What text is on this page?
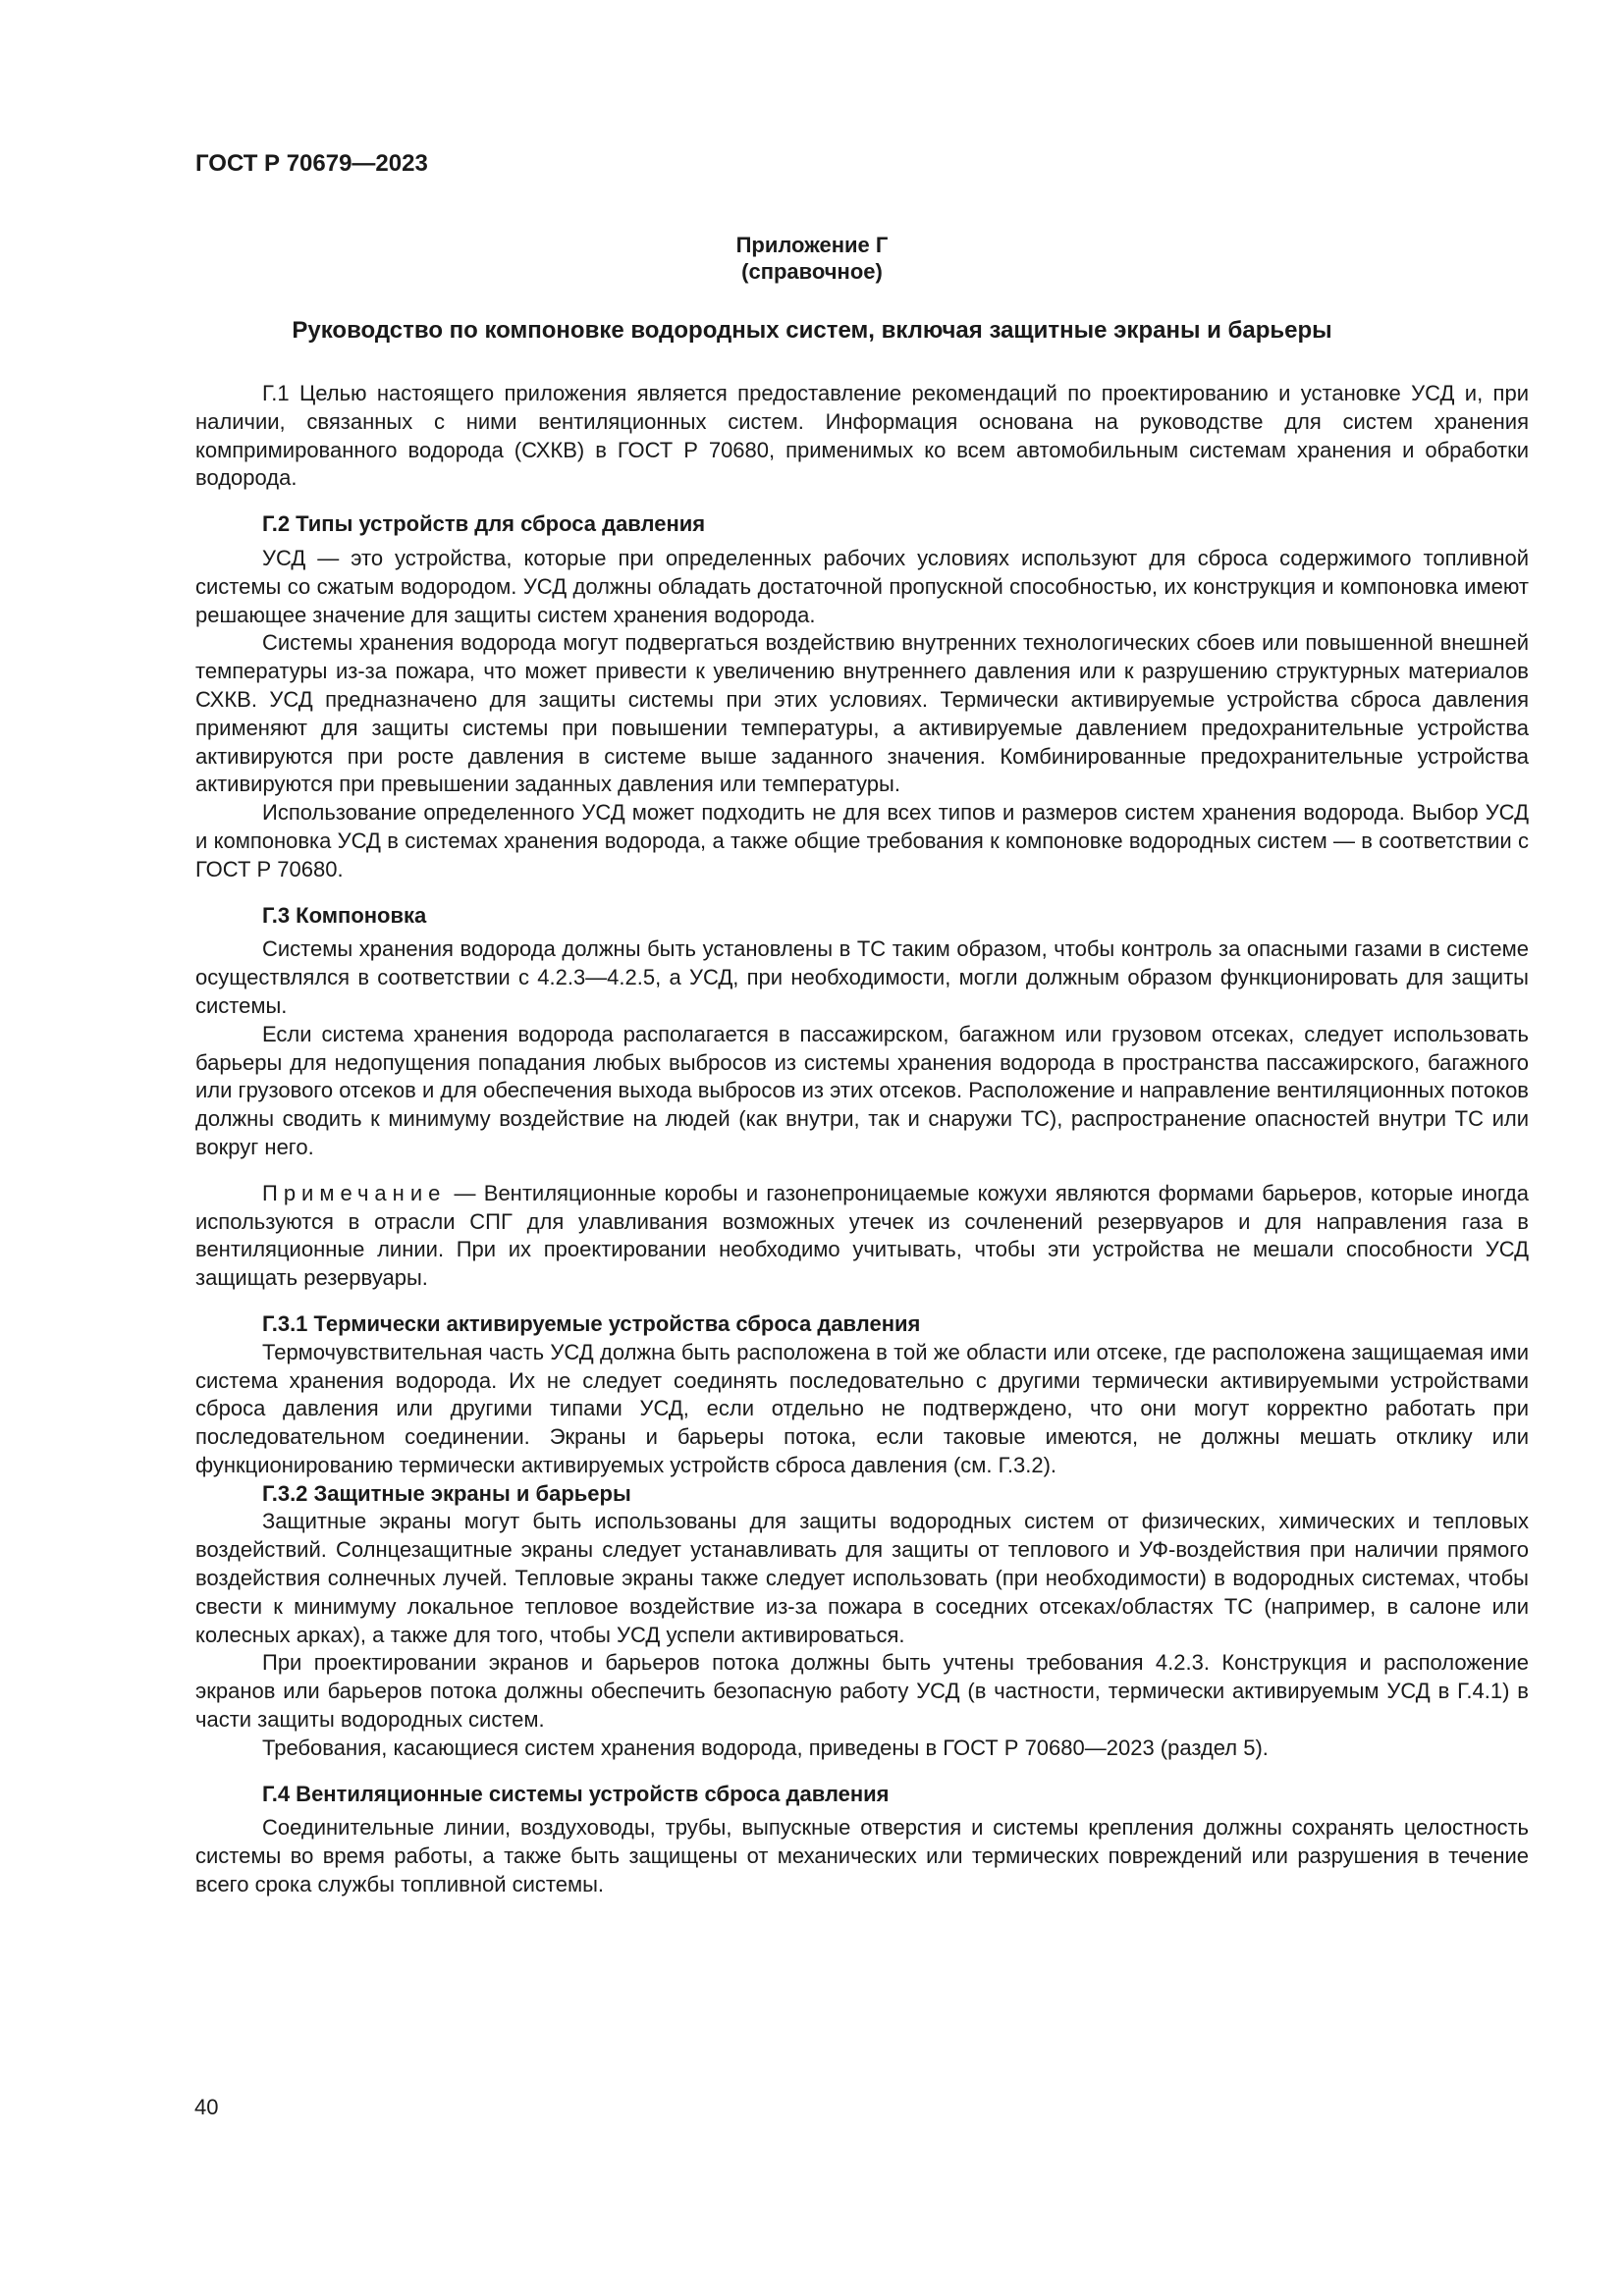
ГОСТ Р 70679—2023

Приложение Г

(справочное)

Руководство по компоновке водородных систем, включая защитные экраны и барьеры

Г.1 Целью настоящего приложения является предоставление рекомендаций по проектированию и установке УСД и, при наличии, связанных с ними вентиляционных систем. Информация основана на руководстве для систем хранения компримированного водорода (СХКВ) в ГОСТ Р 70680, применимых ко всем автомобильным системам хранения и обработки водорода.

Г.2 Типы устройств для сброса давления

УСД — это устройства, которые при определенных рабочих условиях используют для сброса содержимого топливной системы со сжатым водородом. УСД должны обладать достаточной пропускной способностью, их конструкция и компоновка имеют решающее значение для защиты систем хранения водорода.

Системы хранения водорода могут подвергаться воздействию внутренних технологических сбоев или повышенной внешней температуры из-за пожара, что может привести к увеличению внутреннего давления или к разрушению структурных материалов СХКВ. УСД предназначено для защиты системы при этих условиях. Термически активируемые устройства сброса давления применяют для защиты системы при повышении температуры, а активируемые давлением предохранительные устройства активируются при росте давления в системе выше заданного значения. Комбинированные предохранительные устройства активируются при превышении заданных давления или температуры.

Использование определенного УСД может подходить не для всех типов и размеров систем хранения водорода. Выбор УСД и компоновка УСД в системах хранения водорода, а также общие требования к компоновке водородных систем — в соответствии с ГОСТ Р 70680.

Г.3 Компоновка

Системы хранения водорода должны быть установлены в ТС таким образом, чтобы контроль за опасными газами в системе осуществлялся в соответствии с 4.2.3—4.2.5, а УСД, при необходимости, могли должным образом функционировать для защиты системы.

Если система хранения водорода располагается в пассажирском, багажном или грузовом отсеках, следует использовать барьеры для недопущения попадания любых выбросов из системы хранения водорода в пространства пассажирского, багажного или грузового отсеков и для обеспечения выхода выбросов из этих отсеков. Расположение и направление вентиляционных потоков должны сводить к минимуму воздействие на людей (как внутри, так и снаружи ТС), распространение опасностей внутри ТС или вокруг него.

Примечание — Вентиляционные коробы и газонепроницаемые кожухи являются формами барьеров, которые иногда используются в отрасли СПГ для улавливания возможных утечек из сочленений резервуаров и для направления газа в вентиляционные линии. При их проектировании необходимо учитывать, чтобы эти устройства не мешали способности УСД защищать резервуары.

Г.3.1 Термически активируемые устройства сброса давления

Термочувствительная часть УСД должна быть расположена в той же области или отсеке, где расположена защищаемая ими система хранения водорода. Их не следует соединять последовательно с другими термически активируемыми устройствами сброса давления или другими типами УСД, если отдельно не подтверждено, что они могут корректно работать при последовательном соединении. Экраны и барьеры потока, если таковые имеются, не должны мешать отклику или функционированию термически активируемых устройств сброса давления (см. Г.3.2).

Г.3.2 Защитные экраны и барьеры

Защитные экраны могут быть использованы для защиты водородных систем от физических, химических и тепловых воздействий. Солнцезащитные экраны следует устанавливать для защиты от теплового и УФ-воздействия при наличии прямого воздействия солнечных лучей. Тепловые экраны также следует использовать (при необходимости) в водородных системах, чтобы свести к минимуму локальное тепловое воздействие из-за пожара в соседних отсеках/областях ТС (например, в салоне или колесных арках), а также для того, чтобы УСД успели активироваться.

При проектировании экранов и барьеров потока должны быть учтены требования 4.2.3. Конструкция и расположение экранов или барьеров потока должны обеспечить безопасную работу УСД (в частности, термически активируемым УСД в Г.4.1) в части защиты водородных систем.

Требования, касающиеся систем хранения водорода, приведены в ГОСТ Р 70680—2023 (раздел 5).

Г.4 Вентиляционные системы устройств сброса давления

Соединительные линии, воздуховоды, трубы, выпускные отверстия и системы крепления должны сохранять целостность системы во время работы, а также быть защищены от механических или термических повреждений или разрушения в течение всего срока службы топливной системы.

40
